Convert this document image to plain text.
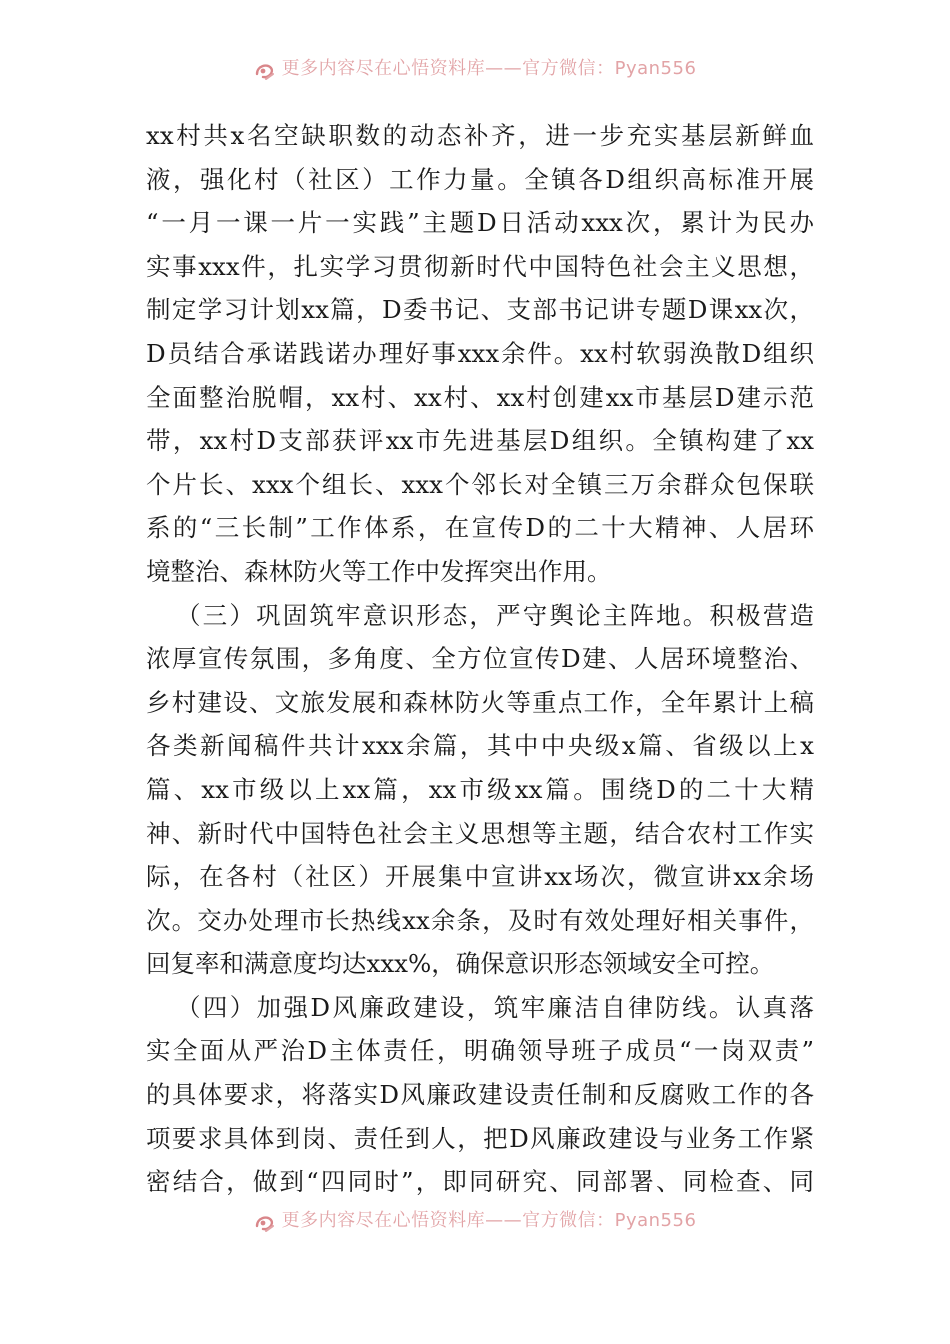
更多内容尽在心悟资料库——官方微信：Pyan556
xx村共x名空缺职数的动态补齐，进一步充实基层新鲜血
液，强化村（社区）工作力量。全镇各D组织高标准开展
“一月一课一片一实践”主题D日活动xxx次，累计为民办
实事xxx件，扎实学习贯彻新时代中国特色社会主义思想，
制定学习计划xx篇，D委书记、支部书记讲专题D课xx次，
D员结合承诺践诺办理好事xxx余件。xx村软弱涣散D组织
全面整治脱帽，xx村、xx村、xx村创建xx市基层D建示范
带，xx村D支部获评xx市先进基层D组织。全镇构建了xx
个片长、xxx个组长、xxx个邻长对全镇三万余群众包保联
系的“三长制”工作体系，在宣传D的二十大精神、人居环
境整治、森林防火等工作中发挥突出作用。
（三）巩固筑牢意识形态，严守舆论主阵地。积极营造
浓厚宣传氛围，多角度、全方位宣传D建、人居环境整治、
乡村建设、文旅发展和森林防火等重点工作，全年累计上稿
各类新闻稿件共计xxx余篇，其中中央级x篇、省级以上x
篇、xx市级以上xx篇，xx市级xx篇。围绕D的二十大精
神、新时代中国特色社会主义思想等主题，结合农村工作实
际，在各村（社区）开展集中宣讲xx场次，微宣讲xx余场
次。交办处理市长热线xx余条，及时有效处理好相关事件，
回复率和满意度均达xxx%，确保意识形态领域安全可控。
（四）加强D风廉政建设，筑牢廉洁自律防线。认真落
实全面从严治D主体责任，明确领导班子成员“一岗双责”
的具体要求，将落实D风廉政建设责任制和反腐败工作的各
项要求具体到岗、责任到人，把D风廉政建设与业务工作紧
密结合，做到“四同时”，即同研究、同部署、同检查、同
更多内容尽在心悟资料库——官方微信：Pyan556
